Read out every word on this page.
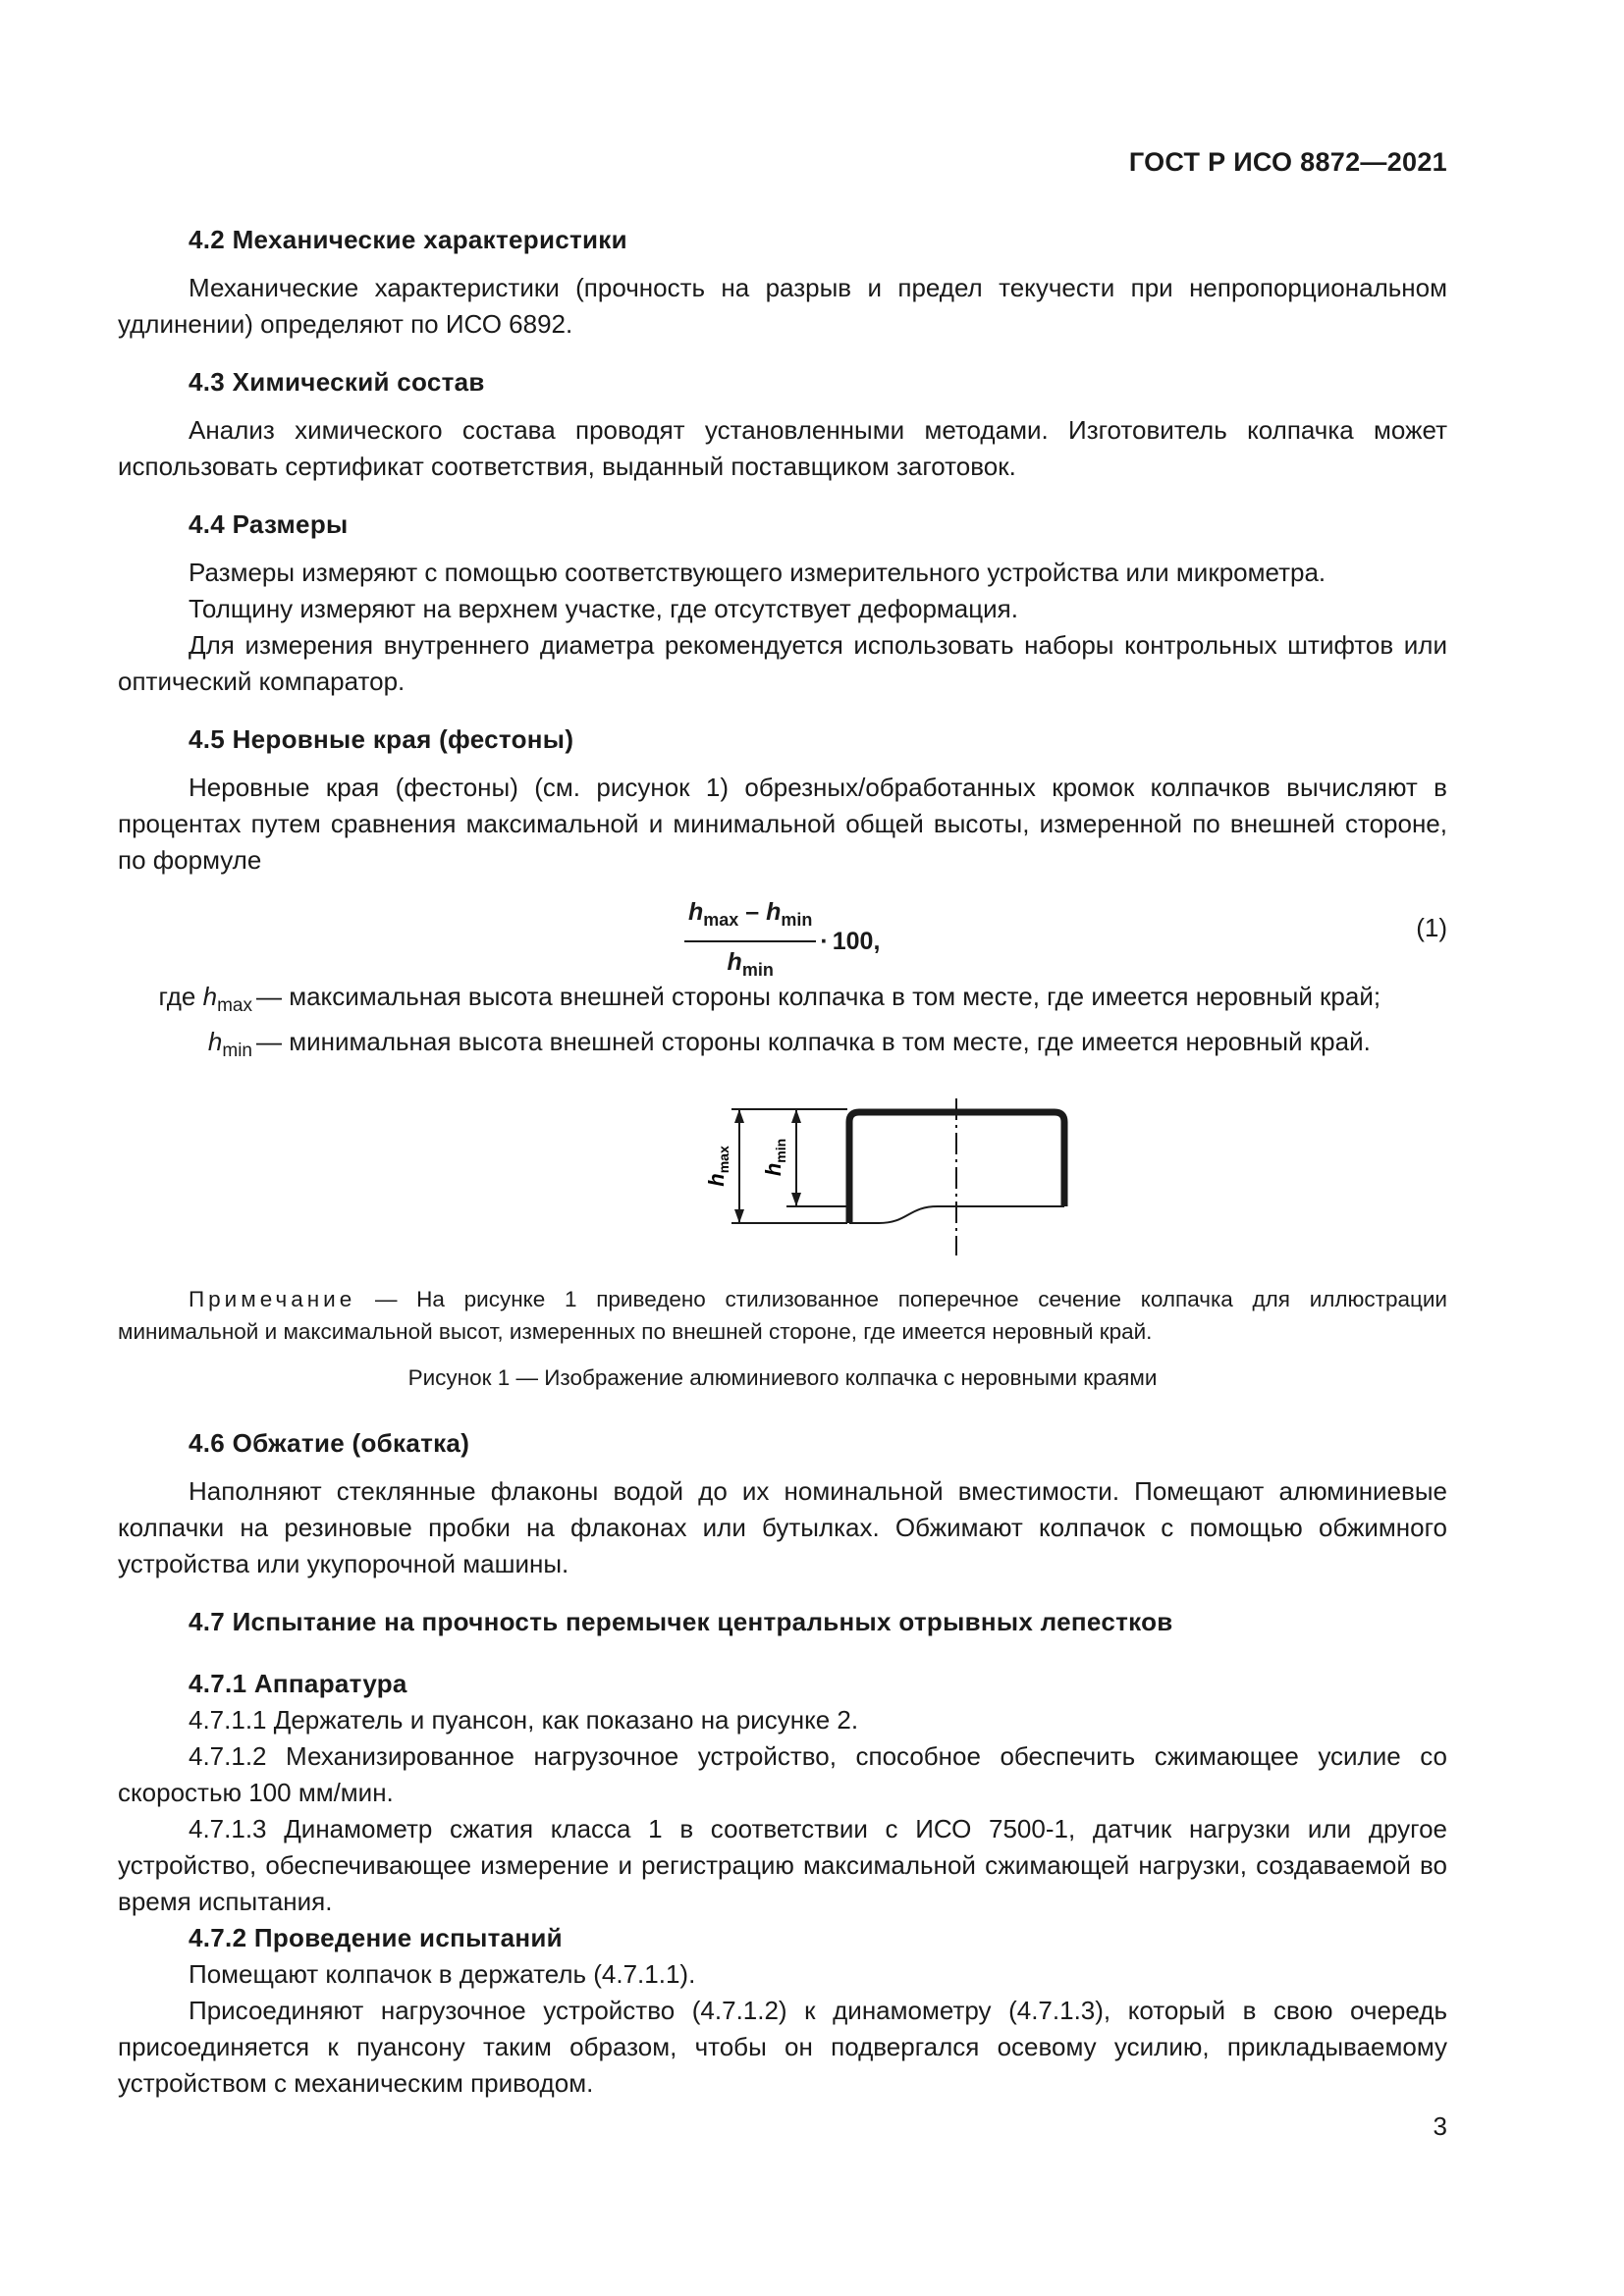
ГОСТ Р ИСО 8872—2021
4.2 Механические характеристики

Механические характеристики (прочность на разрыв и предел текучести при непропорциональном удлинении) определяют по ИСО 6892.

4.3 Химический состав

Анализ химического состава проводят установленными методами. Изготовитель колпачка может использовать сертификат соответствия, выданный поставщиком заготовок.

4.4 Размеры

Размеры измеряют с помощью соответствующего измерительного устройства или микрометра.

Толщину измеряют на верхнем участке, где отсутствует деформация.

Для измерения внутреннего диаметра рекомендуется использовать наборы контрольных штифтов или оптический компаратор.

4.5 Неровные края (фестоны)

Неровные края (фестоны) (см. рисунок 1) обрезных/обработанных кромок колпачков вычисляют в процентах путем сравнения максимальной и минимальной общей высоты, измеренной по внешней стороне, по формуле

$\frac{h_{max} - h_{min}}{h_{min}} \cdot 100$,	(1)
где $h_{max}$ — максимальная высота внешней стороны колпачка в том месте, где имеется неровный край;
$h_{min}$ — минимальная высота внешней стороны колпачка в том месте, где имеется неровный край.
$h_{max}$ $h_{min}$

Примечание — На рисунке 1 приведено стилизованное поперечное сечение колпачка для иллюстрации минимальной и максимальной высот, измеренных по внешней стороне, где имеется неровный край.

Рисунок 1 — Изображение алюминиевого колпачка с неровными краями
4.6 Обжатие (обкатка)

Наполняют стеклянные флаконы водой до их номинальной вместимости. Помещают алюминиевые колпачки на резиновые пробки на флаконах или бутылках. Обжимают колпачок с помощью обжимного устройства или укупорочной машины.

4.7 Испытание на прочность перемычек центральных отрывных лепестков
4.7.1 Аппаратура

4.7.1.1 Держатель и пуансон, как показано на рисунке 2.

4.7.1.2 Механизированное нагрузочное устройство, способное обеспечить сжимающее усилие со скоростью 100 мм/мин.

4.7.1.3 Динамометр сжатия класса 1 в соответствии с ИСО 7500-1, датчик нагрузки или другое устройство, обеспечивающее измерение и регистрацию максимальной сжимающей нагрузки, создаваемой во время испытания.

4.7.2 Проведение испытаний

Помещают колпачок в держатель (4.7.1.1).

Присоединяют нагрузочное устройство (4.7.1.2) к динамометру (4.7.1.3), который в свою очередь присоединяется к пуансону таким образом, чтобы он подвергался осевому усилию, прикладываемому устройством с механическим приводом.

3
